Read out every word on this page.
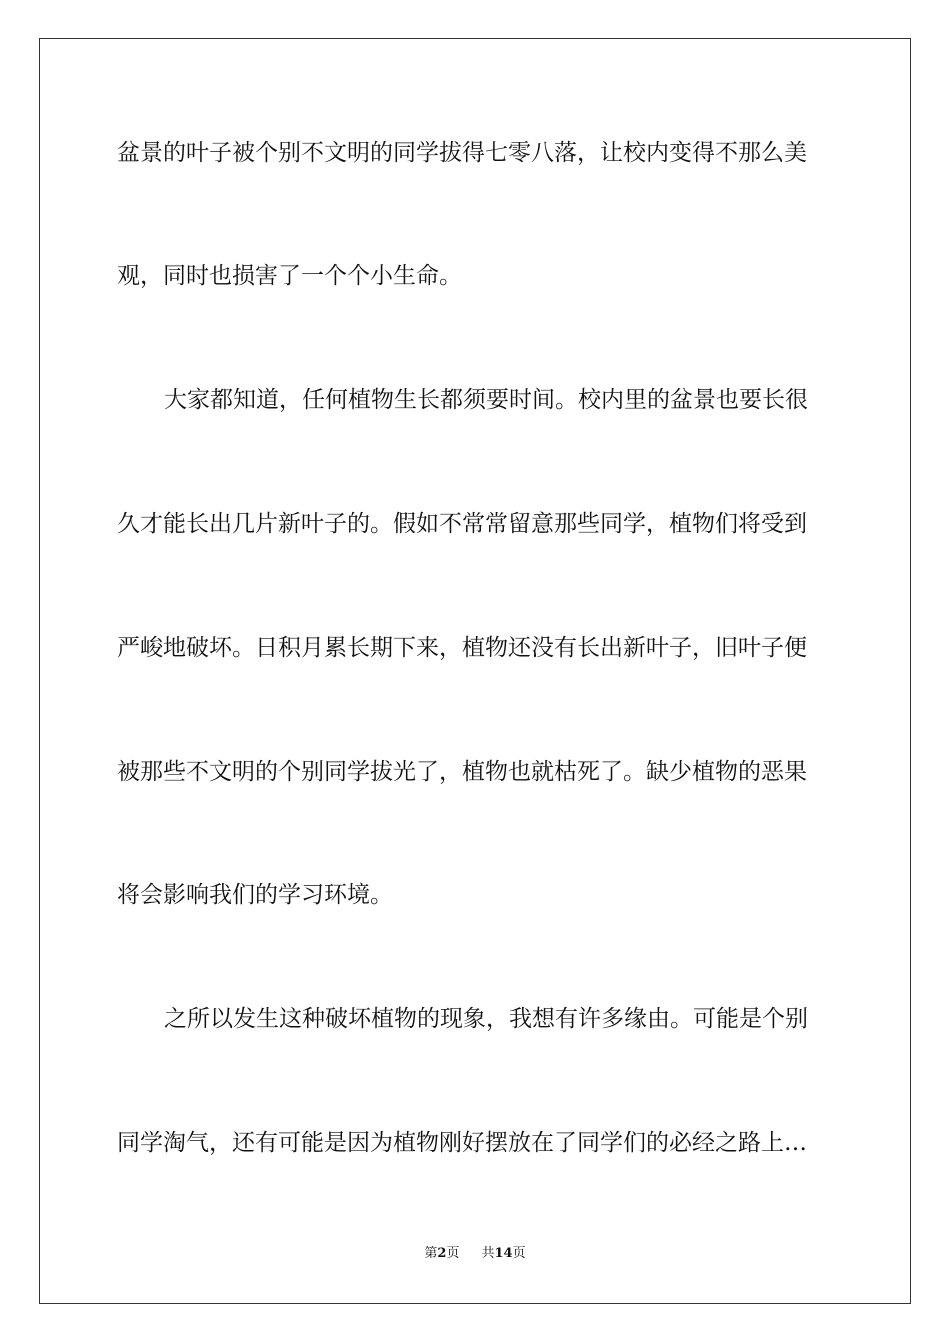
盆景的叶子被个别不文明的同学拔得七零八落，让校内变得不那么美
观，同时也损害了一个个小生命。
大家都知道，任何植物生长都须要时间。校内里的盆景也要长很
久才能长出几片新叶子的。假如不常常留意那些同学，植物们将受到
严峻地破坏。日积月累长期下来，植物还没有长出新叶子，旧叶子便
被那些不文明的个别同学拔光了，植物也就枯死了。缺少植物的恶果
将会影响我们的学习环境。
之所以发生这种破坏植物的现象，我想有许多缘由。可能是个别
同学淘气，还有可能是因为植物刚好摆放在了同学们的必经之路上…
第2页 共14页
